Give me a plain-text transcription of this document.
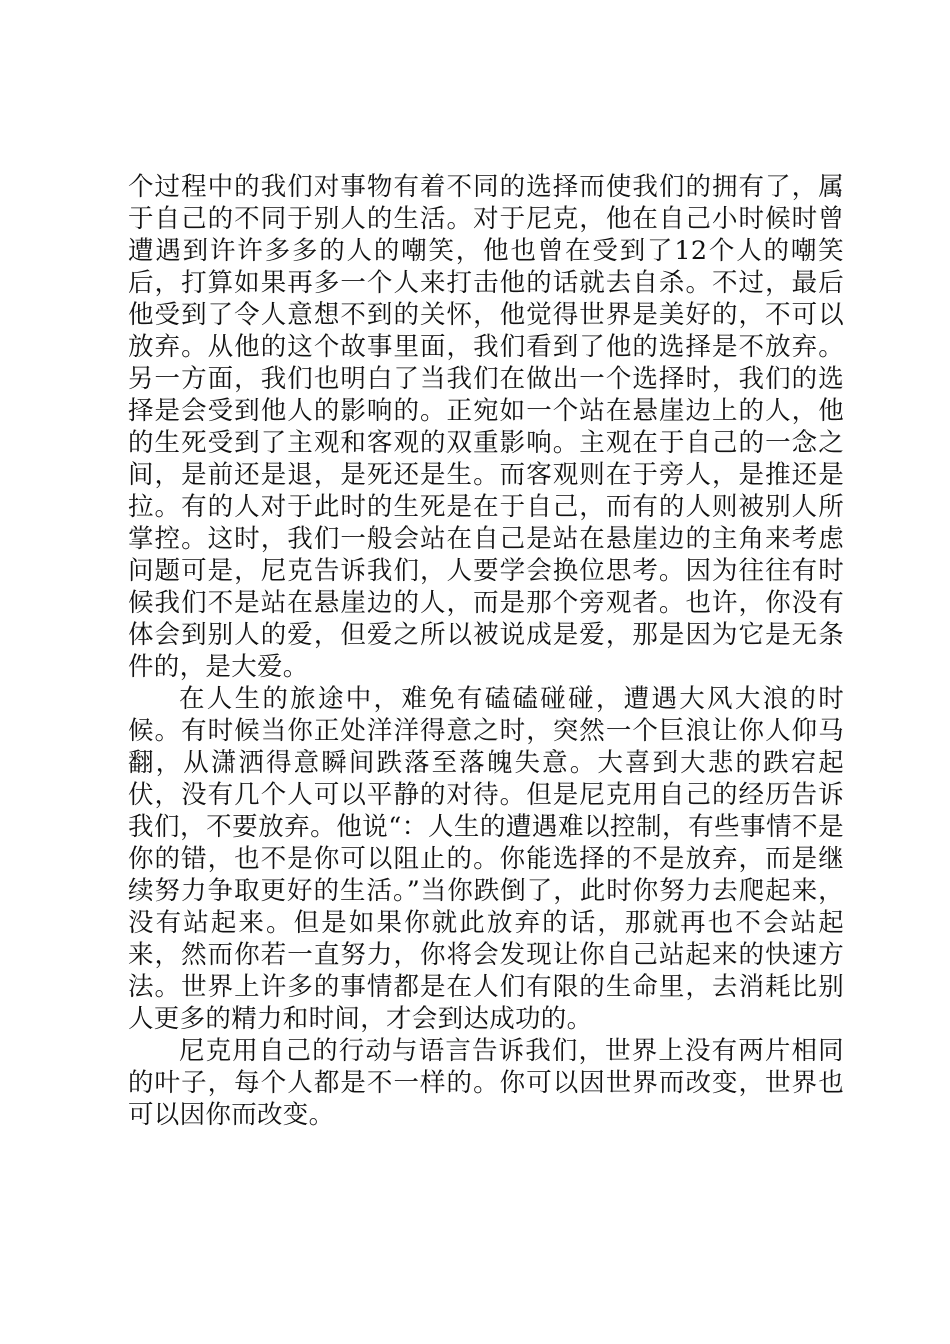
个过程中的我们对事物有着不同的选择而使我们的拥有了，属于自己的不同于别人的生活。对于尼克，他在自己小时候时曾遭遇到许许多多的人的嘲笑，他也曾在受到了12个人的嘲笑后，打算如果再多一个人来打击他的话就去自杀。不过，最后他受到了令人意想不到的关怀，他觉得世界是美好的，不可以放弃。从他的这个故事里面，我们看到了他的选择是不放弃。另一方面，我们也明白了当我们在做出一个选择时，我们的选择是会受到他人的影响的。正宛如一个站在悬崖边上的人，他的生死受到了主观和客观的双重影响。主观在于自己的一念之间，是前还是退，是死还是生。而客观则在于旁人，是推还是拉。有的人对于此时的生死是在于自己，而有的人则被别人所掌控。这时，我们一般会站在自己是站在悬崖边的主角来考虑问题可是，尼克告诉我们，人要学会换位思考。因为往往有时候我们不是站在悬崖边的人，而是那个旁观者。也许，你没有体会到别人的爱，但爱之所以被说成是爱，那是因为它是无条件的，是大爱。

在人生的旅途中，难免有磕磕碰碰，遭遇大风大浪的时候。有时候当你正处洋洋得意之时，突然一个巨浪让你人仰马翻，从潇洒得意瞬间跌落至落魄失意。大喜到大悲的跌宕起伏，没有几个人可以平静的对待。但是尼克用自己的经历告诉我们，不要放弃。他说“：人生的遭遇难以控制，有些事情不是你的错，也不是你可以阻止的。你能选择的不是放弃，而是继续努力争取更好的生活。”当你跌倒了，此时你努力去爬起来，没有站起来。但是如果你就此放弃的话，那就再也不会站起来，然而你若一直努力，你将会发现让你自己站起来的快速方法。世界上许多的事情都是在人们有限的生命里，去消耗比别人更多的精力和时间，才会到达成功的。

尼克用自己的行动与语言告诉我们，世界上没有两片相同的叶子，每个人都是不一样的。你可以因世界而改变，世界也可以因你而改变。
